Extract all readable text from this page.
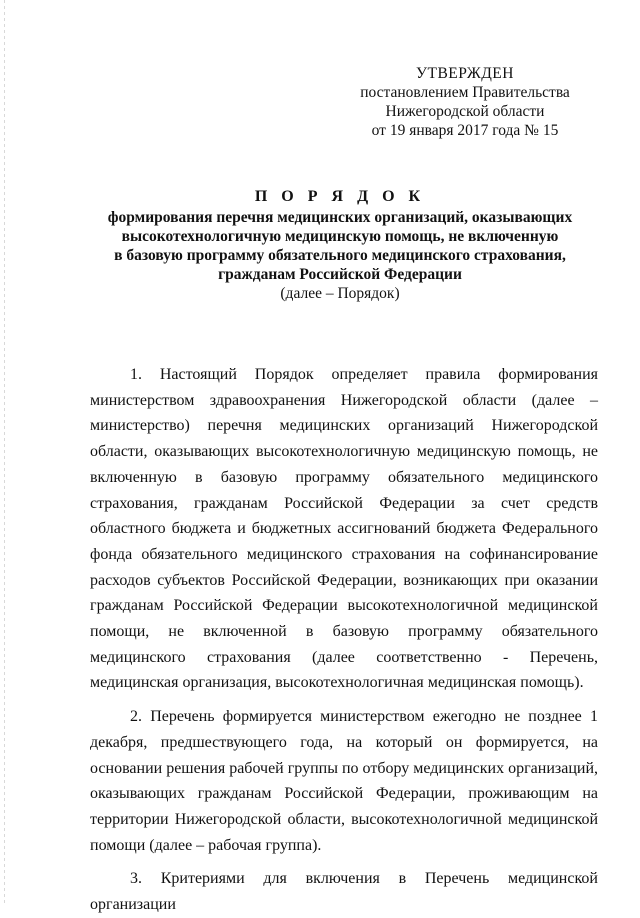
УТВЕРЖДЕН
постановлением Правительства
Нижегородской области
от 19 января 2017 года № 15
П О Р Я Д О К
формирования перечня медицинских организаций, оказывающих
высокотехнологичную медицинскую помощь, не включенную
в базовую программу обязательного медицинского страхования,
гражданам Российской Федерации
(далее – Порядок)

1. Настоящий Порядок определяет правила формирования министерством здравоохранения Нижегородской области (далее – министерство) перечня медицинских организаций Нижегородской области, оказывающих высокотехнологичную медицинскую помощь, не включенную в базовую программу обязательного медицинского страхования, гражданам Российской Федерации за счет средств областного бюджета и бюджетных ассигнований бюджета Федерального фонда обязательного медицинского страхования на софинансирование расходов субъектов Российской Федерации, возникающих при оказании гражданам Российской Федерации высокотехнологичной медицинской помощи, не включенной в базовую программу обязательного медицинского страхования (далее соответственно - Перечень, медицинская организация, высокотехнологичная медицинская помощь).

2. Перечень формируется министерством ежегодно не позднее 1 декабря, предшествующего года, на который он формируется, на основании решения рабочей группы по отбору медицинских организаций, оказывающих гражданам Российской Федерации, проживающим на территории Нижегородской области, высокотехнологичной медицинской помощи (далее – рабочая группа).

3. Критериями для включения в Перечень медицинской организации
